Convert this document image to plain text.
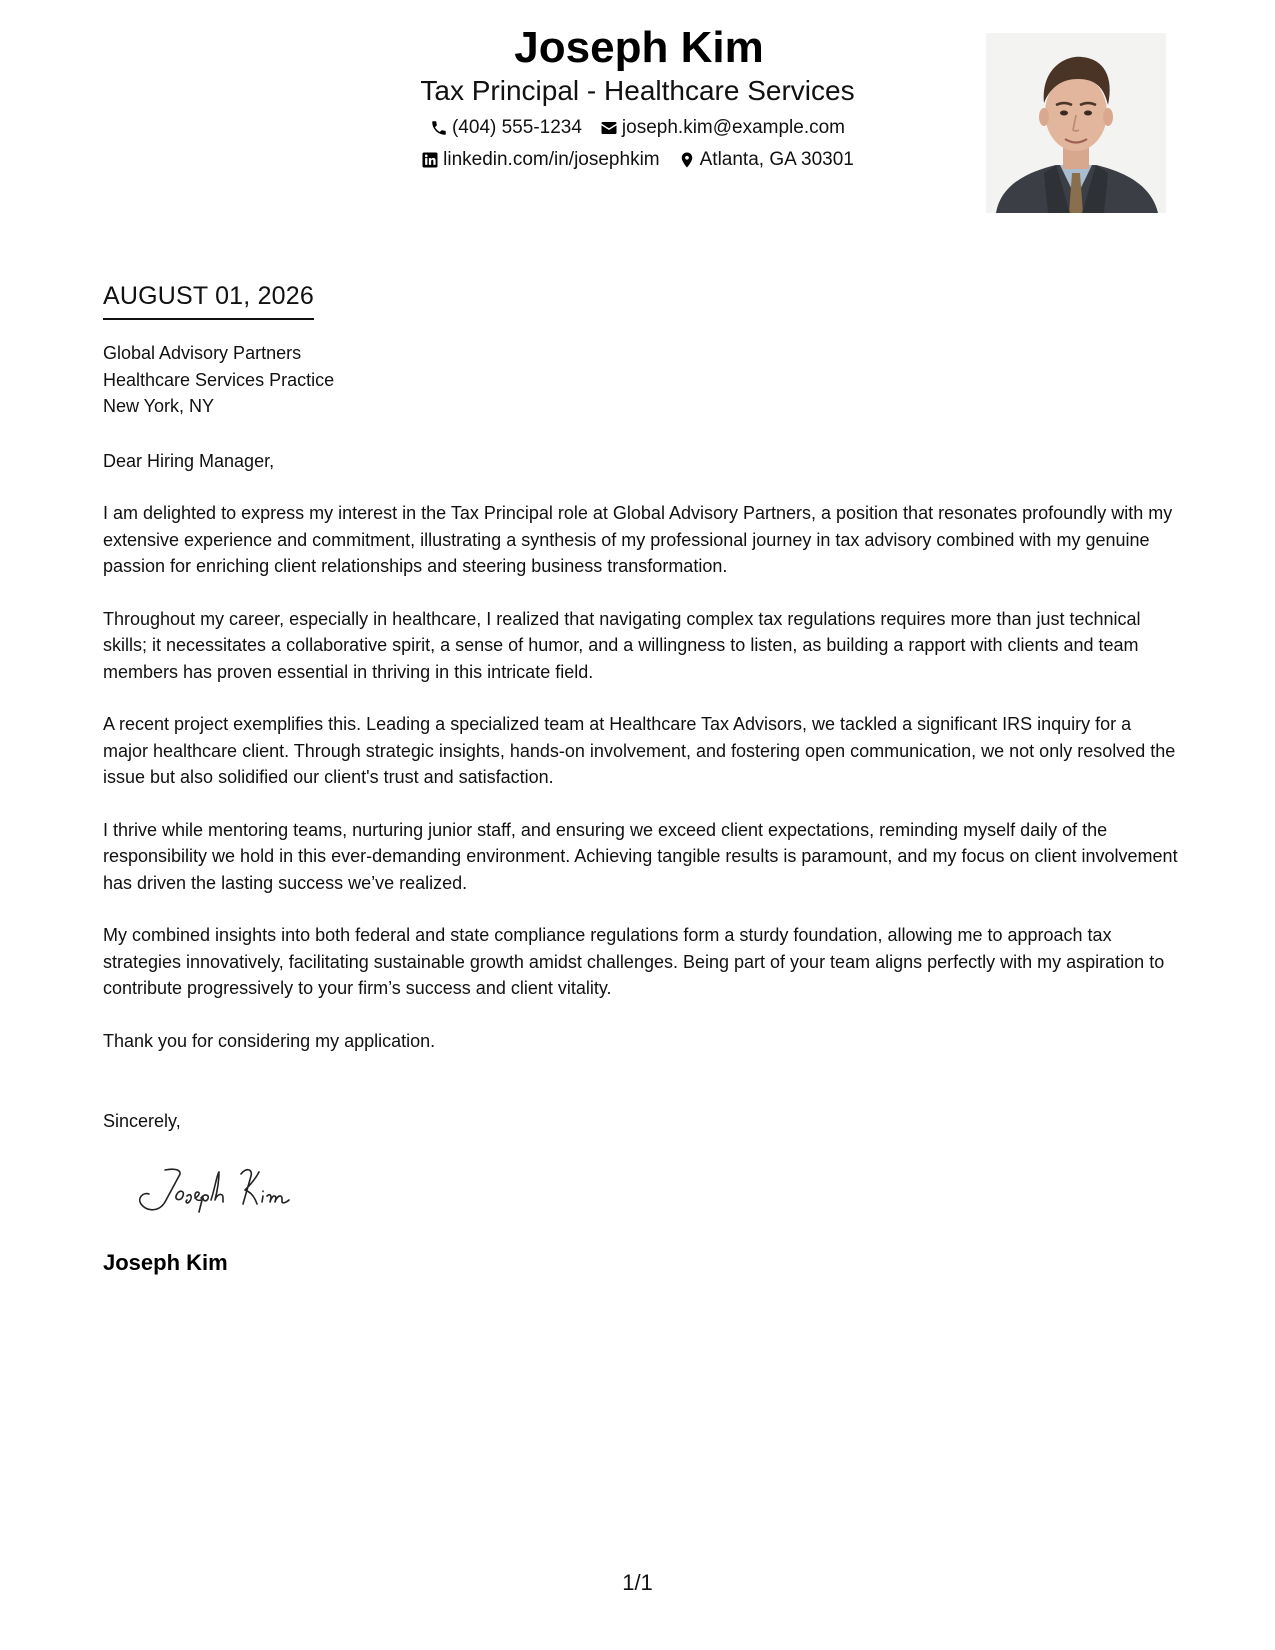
Joseph Kim
Tax Principal - Healthcare Services
(404) 555-1234 joseph.kim@example.com
linkedin.com/in/josephkim Atlanta, GA 30301
AUGUST 01, 2026
Global Advisory Partners
Healthcare Services Practice
New York, NY
Dear Hiring Manager,
I am delighted to express my interest in the Tax Principal role at Global Advisory Partners, a position that resonates profoundly with my extensive experience and commitment, illustrating a synthesis of my professional journey in tax advisory combined with my genuine passion for enriching client relationships and steering business transformation.
Throughout my career, especially in healthcare, I realized that navigating complex tax regulations requires more than just technical skills; it necessitates a collaborative spirit, a sense of humor, and a willingness to listen, as building a rapport with clients and team members has proven essential in thriving in this intricate field.
A recent project exemplifies this. Leading a specialized team at Healthcare Tax Advisors, we tackled a significant IRS inquiry for a major healthcare client. Through strategic insights, hands-on involvement, and fostering open communication, we not only resolved the issue but also solidified our client's trust and satisfaction.
I thrive while mentoring teams, nurturing junior staff, and ensuring we exceed client expectations, reminding myself daily of the responsibility we hold in this ever-demanding environment. Achieving tangible results is paramount, and my focus on client involvement has driven the lasting success we’ve realized.
My combined insights into both federal and state compliance regulations form a sturdy foundation, allowing me to approach tax strategies innovatively, facilitating sustainable growth amidst challenges. Being part of your team aligns perfectly with my aspiration to contribute progressively to your firm’s success and client vitality.
Thank you for considering my application.
Sincerely,
Joseph Kim
1/1
